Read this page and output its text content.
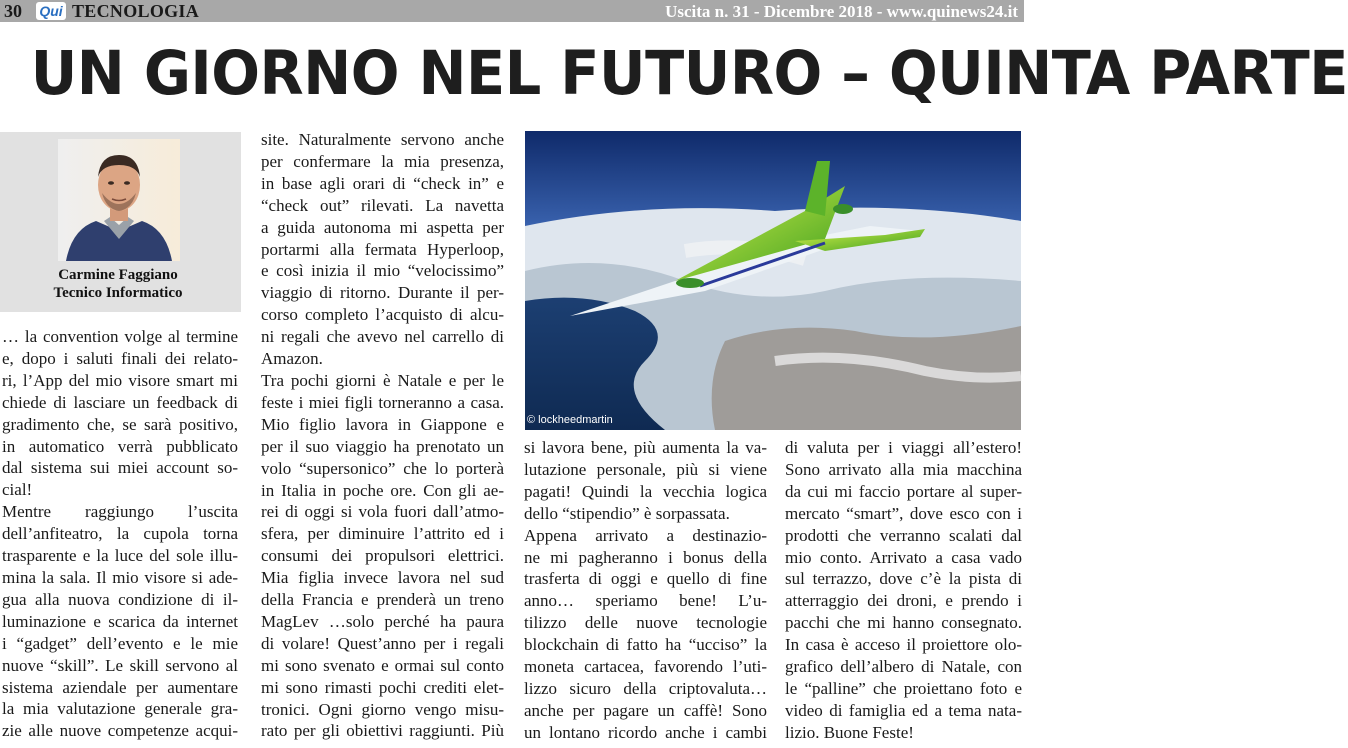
30 Qui TECNOLOGIA	Uscita n. 31 - Dicembre 2018 - www.quinews24.it
UN GIORNO NEL FUTURO – QUINTA PARTE
Carmine Faggiano
Tecnico Informatico

… la convention volge al termine

e, dopo i saluti finali dei relato-

ri, l’App del mio visore smart mi

chiede di lasciare un feedback di

gradimento che, se sarà positivo,

in automatico verrà pubblicato

dal sistema sui miei account so-

cial!

Mentre raggiungo l’uscita

dell’anfiteatro, la cupola torna

trasparente e la luce del sole illu-

mina la sala. Il mio visore si ade-

gua alla nuova condizione di il-

luminazione e scarica da internet

i “gadget” dell’evento e le mie

nuove “skill”. Le skill servono al

sistema aziendale per aumentare

la mia valutazione generale gra-

zie alle nuove competenze acqui-

site. Naturalmente servono anche

per confermare la mia presenza,

in base agli orari di “check in” e

“check out” rilevati. La navetta

a guida autonoma mi aspetta per

portarmi alla fermata Hyperloop,

e così inizia il mio “velocissimo”

viaggio di ritorno. Durante il per-

corso completo l’acquisto di alcu-

ni regali che avevo nel carrello di

Amazon.

Tra pochi giorni è Natale e per le

feste i miei figli torneranno a casa.

Mio figlio lavora in Giappone e

per il suo viaggio ha prenotato un

volo “supersonico” che lo porterà

in Italia in poche ore. Con gli ae-

rei di oggi si vola fuori dall’atmo-

sfera, per diminuire l’attrito ed i

consumi dei propulsori elettrici.

Mia figlia invece lavora nel sud

della Francia e prenderà un treno

MagLev …solo perché ha paura

di volare! Quest’anno per i regali

mi sono svenato e ormai sul conto

mi sono rimasti pochi crediti elet-

tronici. Ogni giorno vengo misu-

rato per gli obiettivi raggiunti. Più

© lockheedmartin

si lavora bene, più aumenta la va-

lutazione personale, più si viene

pagati! Quindi la vecchia logica

dello “stipendio” è sorpassata.

Appena arrivato a destinazio-

ne mi pagheranno i bonus della

trasferta di oggi e quello di fine

anno… speriamo bene! L’u-

tilizzo delle nuove tecnologie

blockchain di fatto ha “ucciso” la

moneta cartacea, favorendo l’uti-

lizzo sicuro della criptovaluta…

anche per pagare un caffè! Sono

un lontano ricordo anche i cambi

di valuta per i viaggi all’estero!

Sono arrivato alla mia macchina

da cui mi faccio portare al super-

mercato “smart”, dove esco con i

prodotti che verranno scalati dal

mio conto. Arrivato a casa vado

sul terrazzo, dove c’è la pista di

atterraggio dei droni, e prendo i

pacchi che mi hanno consegnato.

In casa è acceso il proiettore olo-

grafico dell’albero di Natale, con

le “palline” che proiettano foto e

video di famiglia ed a tema nata-

lizio. Buone Feste!
